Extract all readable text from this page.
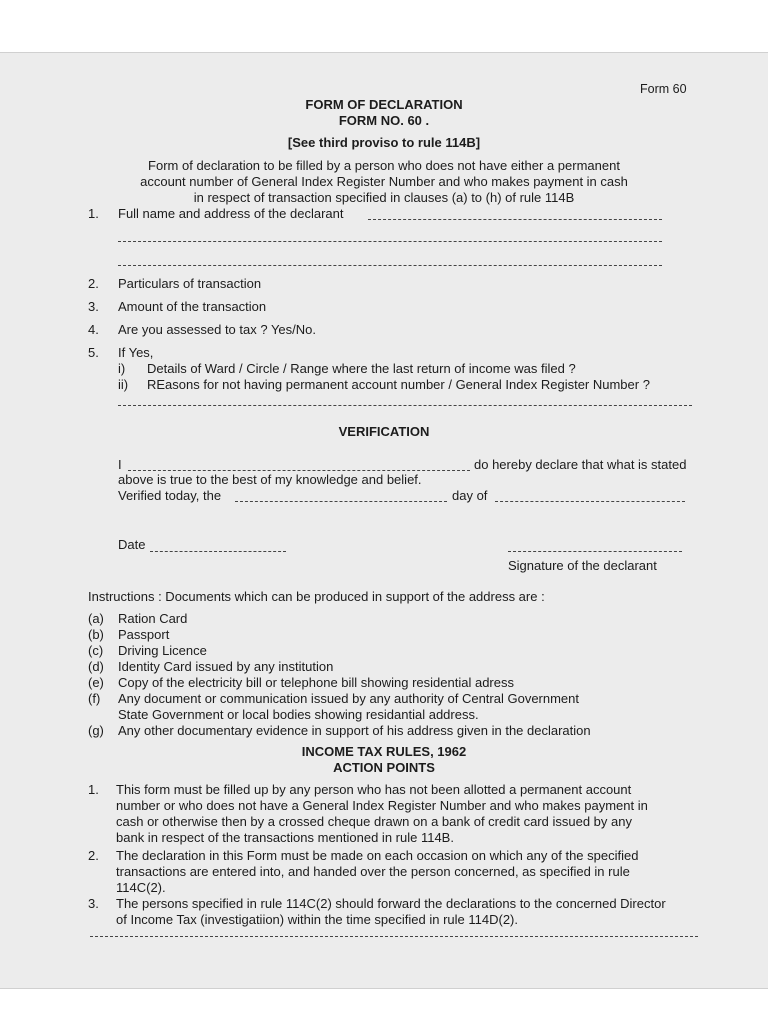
Form 60
FORM OF DECLARATION
FORM NO. 60 .
[See third proviso to rule 114B]
Form of declaration to be filled by a person who does not have either a permanent
account number of General Index Register Number and who makes payment in cash
in respect of transaction specified in clauses (a) to (h) of rule 114B
1. Full name and address of the declarant
2. Particulars of transaction
3. Amount of the transaction
4. Are you assessed to tax ? Yes/No.
5. If Yes,
i) Details of Ward / Circle / Range where the last return of income was filed ?
ii) REasons for not having permanent account number / General Index Register Number ?
VERIFICATION
I	do hereby declare that what is stated
above is true to the best of my knowledge and belief.
Verified today, the	day of
Date
Signature of the declarant
Instructions : Documents which can be produced in support of the address are :
(a) Ration Card
(b) Passport
(c) Driving Licence
(d) Identity Card issued by any institution
(e) Copy of the electricity bill or telephone bill showing residential adress
(f) Any document or communication issued by any authority of Central Government
State Government or local bodies showing residantial address.
(g) Any other documentary evidence in support of his address given in the declaration
INCOME TAX RULES, 1962
ACTION POINTS
1. This form must be filled up by any person who has not been allotted a permanent account
number or who does not have a General Index Register Number and who makes payment in
cash or otherwise then by a crossed cheque drawn on a bank of credit card issued by any
bank in respect of the transactions mentioned in rule 114B.
2. The declaration in this Form must be made on each occasion on which any of the specified
transactions are entered into, and handed over the person concerned, as specified in rule
114C(2).
3. The persons specified in rule 114C(2) should forward the declarations to the concerned Director
of Income Tax (investigatiion) within the time specified in rule 114D(2).
